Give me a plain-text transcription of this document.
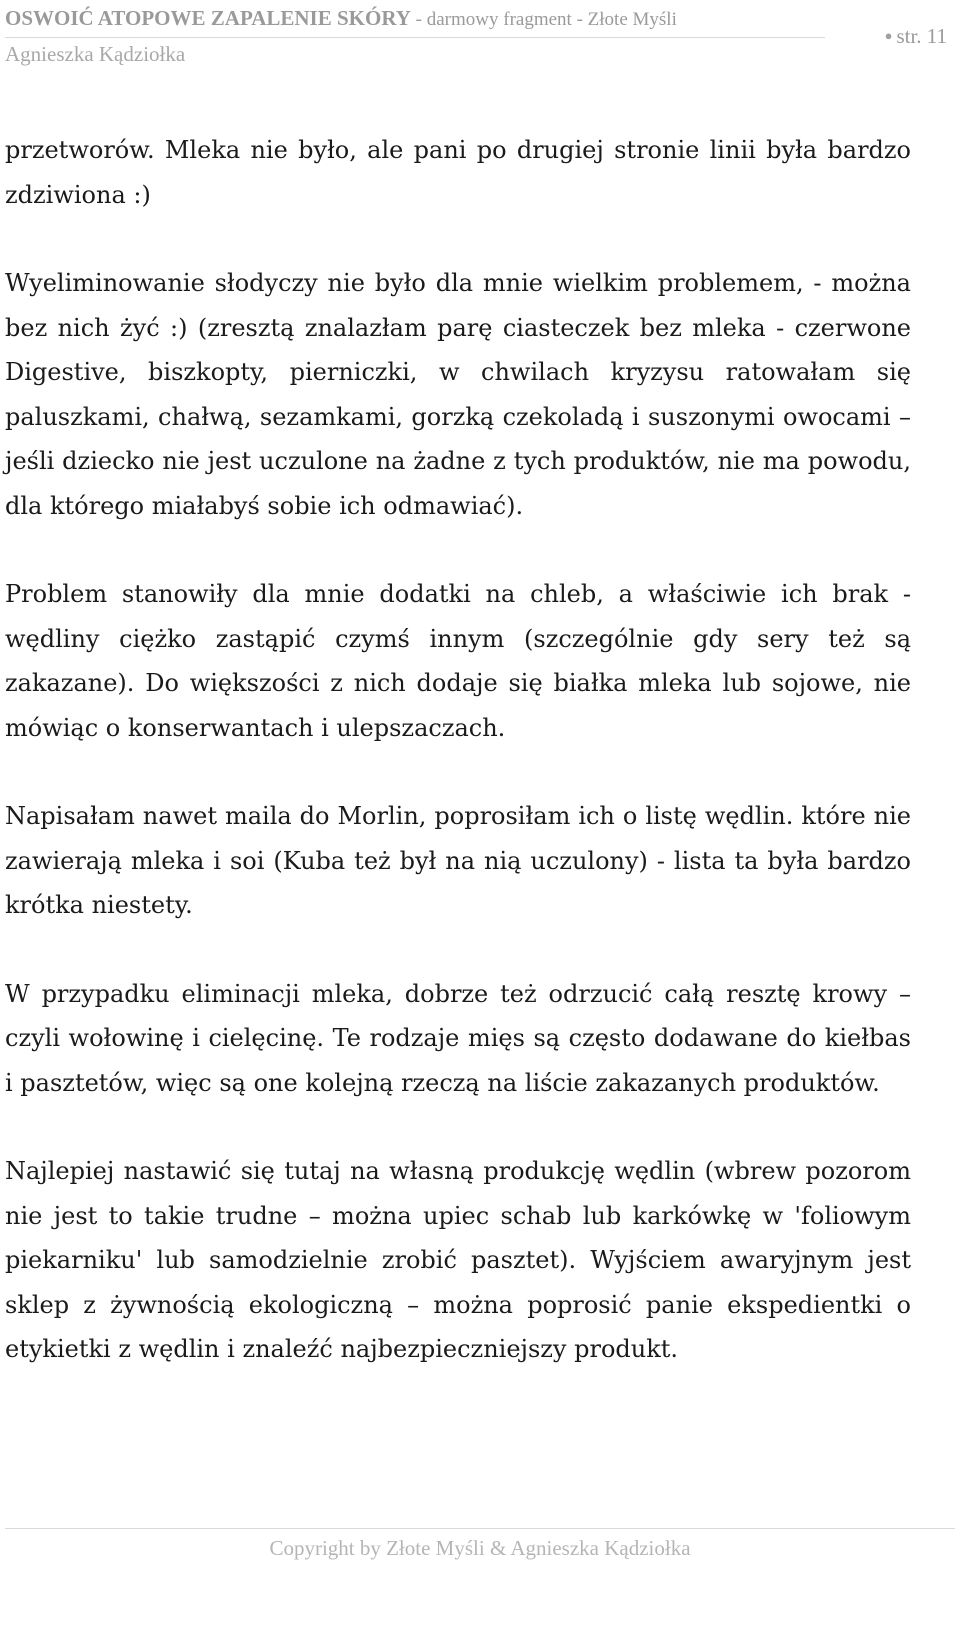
OSWOIĆ ATOPOWE ZAPALENIE SKÓRY - darmowy fragment - Złote Myśli
Agnieszka Kądziołka
● str. 11

przetworów. Mleka nie było, ale pani po drugiej stronie linii była bardzo zdziwiona :)

Wyeliminowanie słodyczy nie było dla mnie wielkim problemem, - można bez nich żyć :) (zresztą znalazłam parę ciasteczek bez mleka - czerwone Digestive, biszkopty, pierniczki, w chwilach kryzysu ratowałam się paluszkami, chałwą, sezamkami, gorzką czekoladą i suszonymi owocami – jeśli dziecko nie jest uczulone na żadne z tych produktów, nie ma powodu, dla którego miałabyś sobie ich odmawiać).

Problem stanowiły dla mnie dodatki na chleb, a właściwie ich brak - wędliny ciężko zastąpić czymś innym (szczególnie gdy sery też są zakazane). Do większości z nich dodaje się białka mleka lub sojowe, nie mówiąc o konserwantach i ulepszaczach.

Napisałam nawet maila do Morlin, poprosiłam ich o listę wędlin. które nie zawierają mleka i soi (Kuba też był na nią uczulony) - lista ta była bardzo krótka niestety.

W przypadku eliminacji mleka, dobrze też odrzucić całą resztę krowy – czyli wołowinę i cielęcinę. Te rodzaje mięs są często dodawane do kiełbas i pasztetów, więc są one kolejną rzeczą na liście zakazanych produktów.

Najlepiej nastawić się tutaj na własną produkcję wędlin (wbrew pozorom nie jest to takie trudne – można upiec schab lub karkówkę w 'foliowym piekarniku' lub samodzielnie zrobić pasztet). Wyjściem awaryjnym jest sklep z żywnością ekologiczną – można poprosić panie ekspedientki o etykietki z wędlin i znaleźć najbezpieczniejszy produkt.

Copyright by Złote Myśli & Agnieszka Kądziołka
